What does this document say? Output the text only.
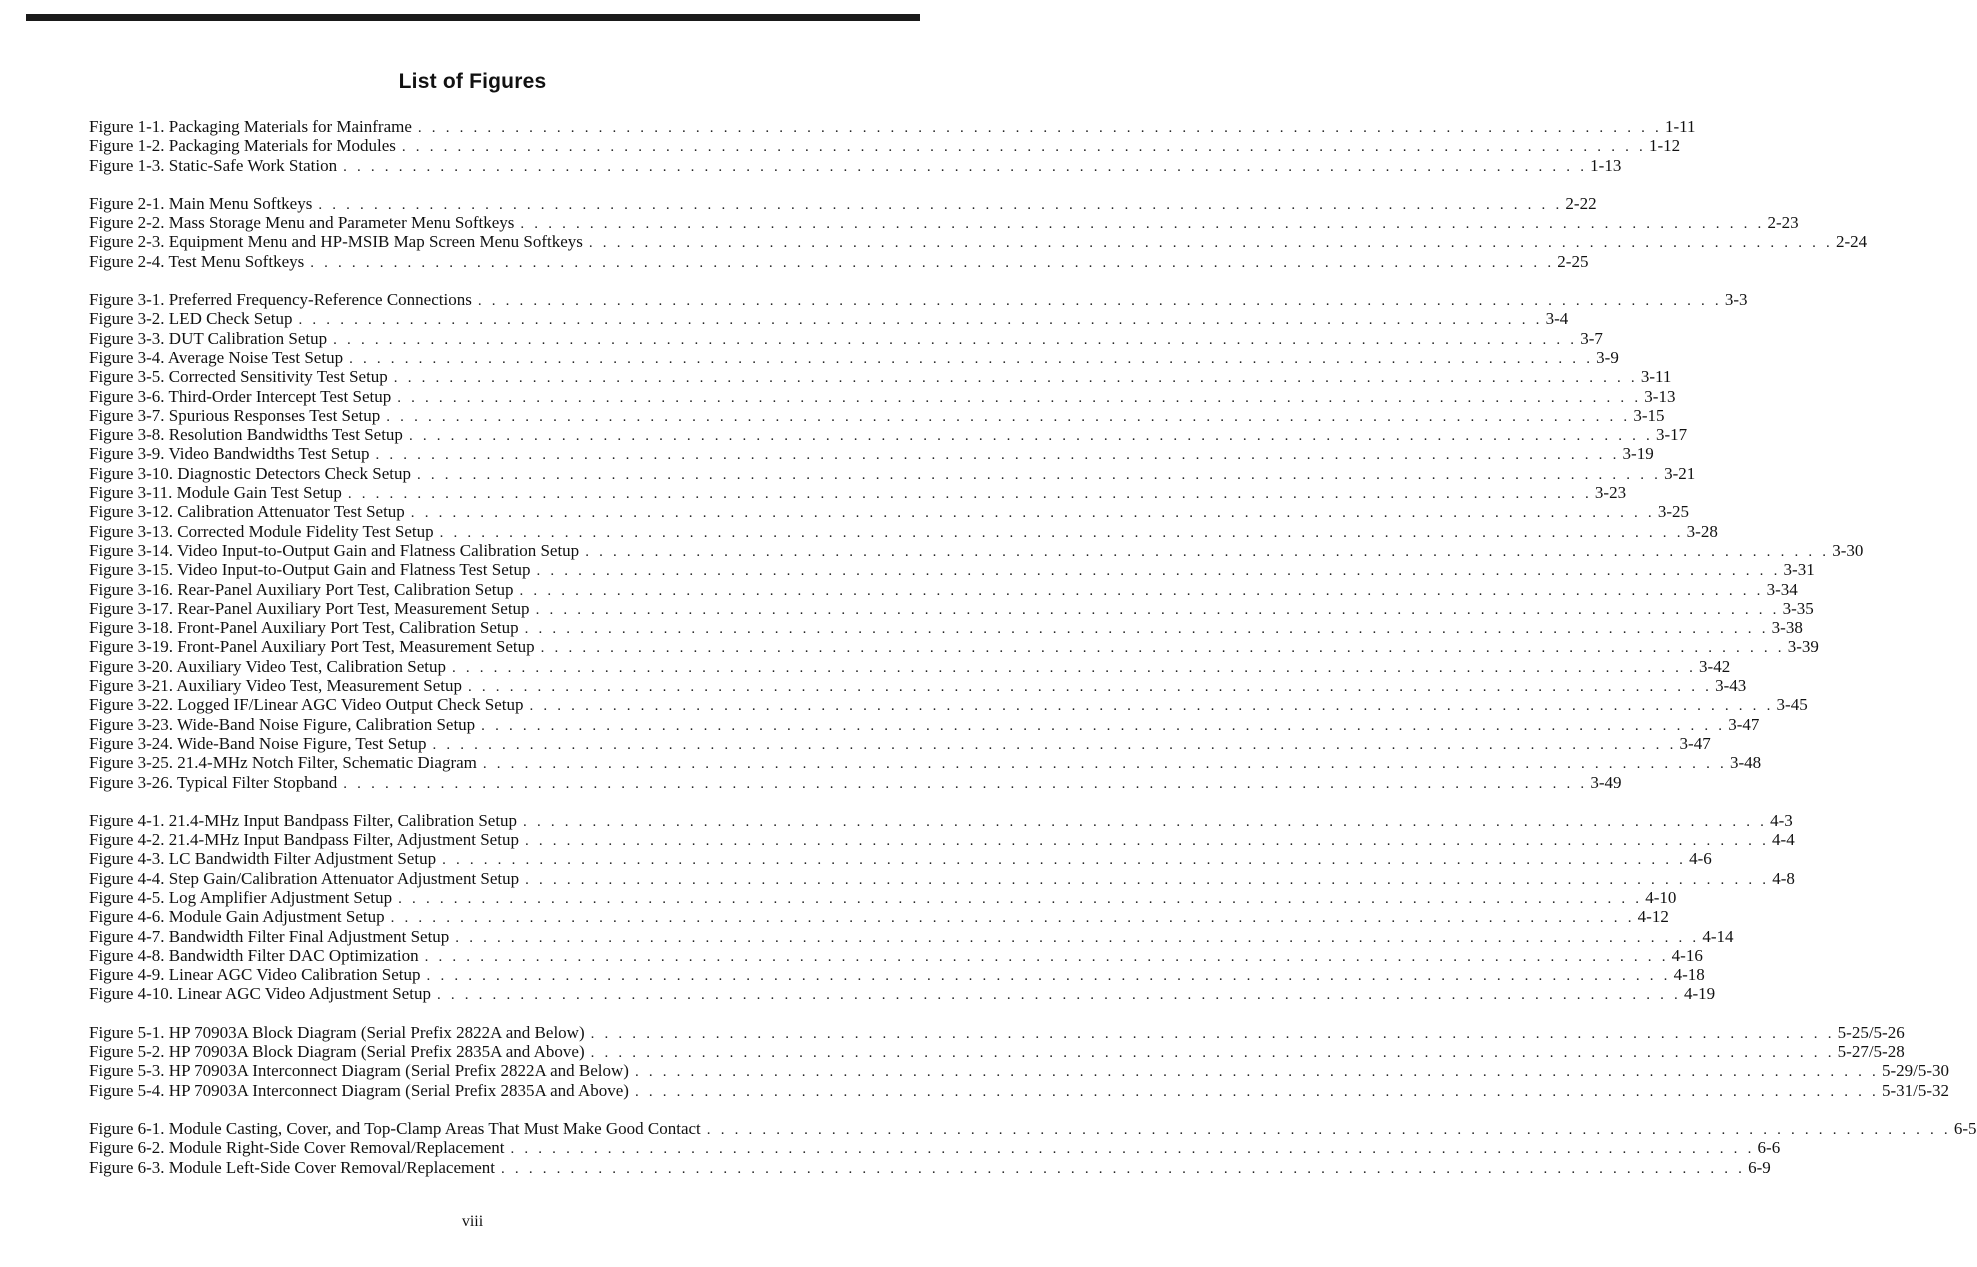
List of Figures
Figure 1-1. Packaging Materials for Mainframe . . . . . . . . . . . . . . . . . . . . . . . . . . . . . . . . . . . . . . . . . . . . . . . . . . . . . . . . . . . . . . . . . . . . . . . . . . . . . . . . . . . . . . . . . . 1-11
Figure 1-2. Packaging Materials for Modules . . . . . . . . . . . . . . . . . . . . . . . . . . . . . . . . . . . . . . . . . . . . . . . . . . . . . . . . . . . . . . . . . . . . . . . . . . . . . . . . . . . . . . . . . . 1-12
Figure 1-3. Static-Safe Work Station . . . . . . . . . . . . . . . . . . . . . . . . . . . . . . . . . . . . . . . . . . . . . . . . . . . . . . . . . . . . . . . . . . . . . . . . . . . . . . . . . . . . . . . . . . 1-13
Figure 2-1. Main Menu Softkeys . . . . . . . . . . . . . . . . . . . . . . . . . . . . . . . . . . . . . . . . . . . . . . . . . . . . . . . . . . . . . . . . . . . . . . . . . . . . . . . . . . . . . . . . . . 2-22
Figure 2-2. Mass Storage Menu and Parameter Menu Softkeys . . . . . . . . . . . . . . . . . . . . . . . . . . . . . . . . . . . . . . . . . . . . . . . . . . . . . . . . . . . . . . . . . . . . . . . . . . . . . . . . . . . . . . . . . . 2-23
Figure 2-3. Equipment Menu and HP-MSIB Map Screen Menu Softkeys . . . . . . . . . . . . . . . . . . . . . . . . . . . . . . . . . . . . . . . . . . . . . . . . . . . . . . . . . . . . . . . . . . . . . . . . . . . . . . . . . . . . . . . . . . 2-24
Figure 2-4. Test Menu Softkeys . . . . . . . . . . . . . . . . . . . . . . . . . . . . . . . . . . . . . . . . . . . . . . . . . . . . . . . . . . . . . . . . . . . . . . . . . . . . . . . . . . . . . . . . . . 2-25
Figure 3-1. Preferred Frequency-Reference Connections . . . . . . . . . . . . . . . . . . . . . . . . . . . . . . . . . . . . . . . . . . . . . . . . . . . . . . . . . . . . . . . . . . . . . . . . . . . . . . . . . . . . . . . . . . 3-3
Figure 3-2. LED Check Setup . . . . . . . . . . . . . . . . . . . . . . . . . . . . . . . . . . . . . . . . . . . . . . . . . . . . . . . . . . . . . . . . . . . . . . . . . . . . . . . . . . . . . . . . . . 3-4
Figure 3-3. DUT Calibration Setup . . . . . . . . . . . . . . . . . . . . . . . . . . . . . . . . . . . . . . . . . . . . . . . . . . . . . . . . . . . . . . . . . . . . . . . . . . . . . . . . . . . . . . . . . . 3-7
Figure 3-4. Average Noise Test Setup . . . . . . . . . . . . . . . . . . . . . . . . . . . . . . . . . . . . . . . . . . . . . . . . . . . . . . . . . . . . . . . . . . . . . . . . . . . . . . . . . . . . . . . . . . 3-9
Figure 3-5. Corrected Sensitivity Test Setup . . . . . . . . . . . . . . . . . . . . . . . . . . . . . . . . . . . . . . . . . . . . . . . . . . . . . . . . . . . . . . . . . . . . . . . . . . . . . . . . . . . . . . . . . . 3-11
Figure 3-6. Third-Order Intercept Test Setup . . . . . . . . . . . . . . . . . . . . . . . . . . . . . . . . . . . . . . . . . . . . . . . . . . . . . . . . . . . . . . . . . . . . . . . . . . . . . . . . . . . . . . . . . . 3-13
Figure 3-7. Spurious Responses Test Setup . . . . . . . . . . . . . . . . . . . . . . . . . . . . . . . . . . . . . . . . . . . . . . . . . . . . . . . . . . . . . . . . . . . . . . . . . . . . . . . . . . . . . . . . . . 3-15
Figure 3-8. Resolution Bandwidths Test Setup . . . . . . . . . . . . . . . . . . . . . . . . . . . . . . . . . . . . . . . . . . . . . . . . . . . . . . . . . . . . . . . . . . . . . . . . . . . . . . . . . . . . . . . . . . 3-17
Figure 3-9. Video Bandwidths Test Setup . . . . . . . . . . . . . . . . . . . . . . . . . . . . . . . . . . . . . . . . . . . . . . . . . . . . . . . . . . . . . . . . . . . . . . . . . . . . . . . . . . . . . . . . . . 3-19
Figure 3-10. Diagnostic Detectors Check Setup . . . . . . . . . . . . . . . . . . . . . . . . . . . . . . . . . . . . . . . . . . . . . . . . . . . . . . . . . . . . . . . . . . . . . . . . . . . . . . . . . . . . . . . . . . 3-21
Figure 3-11. Module Gain Test Setup . . . . . . . . . . . . . . . . . . . . . . . . . . . . . . . . . . . . . . . . . . . . . . . . . . . . . . . . . . . . . . . . . . . . . . . . . . . . . . . . . . . . . . . . . . 3-23
Figure 3-12. Calibration Attenuator Test Setup . . . . . . . . . . . . . . . . . . . . . . . . . . . . . . . . . . . . . . . . . . . . . . . . . . . . . . . . . . . . . . . . . . . . . . . . . . . . . . . . . . . . . . . . . . 3-25
Figure 3-13. Corrected Module Fidelity Test Setup . . . . . . . . . . . . . . . . . . . . . . . . . . . . . . . . . . . . . . . . . . . . . . . . . . . . . . . . . . . . . . . . . . . . . . . . . . . . . . . . . . . . . . . . . . 3-28
Figure 3-14. Video Input-to-Output Gain and Flatness Calibration Setup . . . . . . . . . . . . . . . . . . . . . . . . . . . . . . . . . . . . . . . . . . . . . . . . . . . . . . . . . . . . . . . . . . . . . . . . . . . . . . . . . . . . . . . . . . 3-30
Figure 3-15. Video Input-to-Output Gain and Flatness Test Setup . . . . . . . . . . . . . . . . . . . . . . . . . . . . . . . . . . . . . . . . . . . . . . . . . . . . . . . . . . . . . . . . . . . . . . . . . . . . . . . . . . . . . . . . . . 3-31
Figure 3-16. Rear-Panel Auxiliary Port Test, Calibration Setup . . . . . . . . . . . . . . . . . . . . . . . . . . . . . . . . . . . . . . . . . . . . . . . . . . . . . . . . . . . . . . . . . . . . . . . . . . . . . . . . . . . . . . . . . . 3-34
Figure 3-17. Rear-Panel Auxiliary Port Test, Measurement Setup . . . . . . . . . . . . . . . . . . . . . . . . . . . . . . . . . . . . . . . . . . . . . . . . . . . . . . . . . . . . . . . . . . . . . . . . . . . . . . . . . . . . . . . . . . 3-35
Figure 3-18. Front-Panel Auxiliary Port Test, Calibration Setup . . . . . . . . . . . . . . . . . . . . . . . . . . . . . . . . . . . . . . . . . . . . . . . . . . . . . . . . . . . . . . . . . . . . . . . . . . . . . . . . . . . . . . . . . . 3-38
Figure 3-19. Front-Panel Auxiliary Port Test, Measurement Setup . . . . . . . . . . . . . . . . . . . . . . . . . . . . . . . . . . . . . . . . . . . . . . . . . . . . . . . . . . . . . . . . . . . . . . . . . . . . . . . . . . . . . . . . . . 3-39
Figure 3-20. Auxiliary Video Test, Calibration Setup . . . . . . . . . . . . . . . . . . . . . . . . . . . . . . . . . . . . . . . . . . . . . . . . . . . . . . . . . . . . . . . . . . . . . . . . . . . . . . . . . . . . . . . . . . 3-42
Figure 3-21. Auxiliary Video Test, Measurement Setup . . . . . . . . . . . . . . . . . . . . . . . . . . . . . . . . . . . . . . . . . . . . . . . . . . . . . . . . . . . . . . . . . . . . . . . . . . . . . . . . . . . . . . . . . . 3-43
Figure 3-22. Logged IF/Linear AGC Video Output Check Setup . . . . . . . . . . . . . . . . . . . . . . . . . . . . . . . . . . . . . . . . . . . . . . . . . . . . . . . . . . . . . . . . . . . . . . . . . . . . . . . . . . . . . . . . . . 3-45
Figure 3-23. Wide-Band Noise Figure, Calibration Setup . . . . . . . . . . . . . . . . . . . . . . . . . . . . . . . . . . . . . . . . . . . . . . . . . . . . . . . . . . . . . . . . . . . . . . . . . . . . . . . . . . . . . . . . . . 3-47
Figure 3-24. Wide-Band Noise Figure, Test Setup . . . . . . . . . . . . . . . . . . . . . . . . . . . . . . . . . . . . . . . . . . . . . . . . . . . . . . . . . . . . . . . . . . . . . . . . . . . . . . . . . . . . . . . . . . 3-47
Figure 3-25. 21.4-MHz Notch Filter, Schematic Diagram . . . . . . . . . . . . . . . . . . . . . . . . . . . . . . . . . . . . . . . . . . . . . . . . . . . . . . . . . . . . . . . . . . . . . . . . . . . . . . . . . . . . . . . . . . 3-48
Figure 3-26. Typical Filter Stopband . . . . . . . . . . . . . . . . . . . . . . . . . . . . . . . . . . . . . . . . . . . . . . . . . . . . . . . . . . . . . . . . . . . . . . . . . . . . . . . . . . . . . . . . . . 3-49
Figure 4-1. 21.4-MHz Input Bandpass Filter, Calibration Setup . . . . . . . . . . . . . . . . . . . . . . . . . . . . . . . . . . . . . . . . . . . . . . . . . . . . . . . . . . . . . . . . . . . . . . . . . . . . . . . . . . . . . . . . . . 4-3
Figure 4-2. 21.4-MHz Input Bandpass Filter, Adjustment Setup . . . . . . . . . . . . . . . . . . . . . . . . . . . . . . . . . . . . . . . . . . . . . . . . . . . . . . . . . . . . . . . . . . . . . . . . . . . . . . . . . . . . . . . . . . 4-4
Figure 4-3. LC Bandwidth Filter Adjustment Setup . . . . . . . . . . . . . . . . . . . . . . . . . . . . . . . . . . . . . . . . . . . . . . . . . . . . . . . . . . . . . . . . . . . . . . . . . . . . . . . . . . . . . . . . . . 4-6
Figure 4-4. Step Gain/Calibration Attenuator Adjustment Setup . . . . . . . . . . . . . . . . . . . . . . . . . . . . . . . . . . . . . . . . . . . . . . . . . . . . . . . . . . . . . . . . . . . . . . . . . . . . . . . . . . . . . . . . . . 4-8
Figure 4-5. Log Amplifier Adjustment Setup . . . . . . . . . . . . . . . . . . . . . . . . . . . . . . . . . . . . . . . . . . . . . . . . . . . . . . . . . . . . . . . . . . . . . . . . . . . . . . . . . . . . . . . . . . 4-10
Figure 4-6. Module Gain Adjustment Setup . . . . . . . . . . . . . . . . . . . . . . . . . . . . . . . . . . . . . . . . . . . . . . . . . . . . . . . . . . . . . . . . . . . . . . . . . . . . . . . . . . . . . . . . . . 4-12
Figure 4-7. Bandwidth Filter Final Adjustment Setup . . . . . . . . . . . . . . . . . . . . . . . . . . . . . . . . . . . . . . . . . . . . . . . . . . . . . . . . . . . . . . . . . . . . . . . . . . . . . . . . . . . . . . . . . . 4-14
Figure 4-8. Bandwidth Filter DAC Optimization . . . . . . . . . . . . . . . . . . . . . . . . . . . . . . . . . . . . . . . . . . . . . . . . . . . . . . . . . . . . . . . . . . . . . . . . . . . . . . . . . . . . . . . . . . 4-16
Figure 4-9. Linear AGC Video Calibration Setup . . . . . . . . . . . . . . . . . . . . . . . . . . . . . . . . . . . . . . . . . . . . . . . . . . . . . . . . . . . . . . . . . . . . . . . . . . . . . . . . . . . . . . . . . . 4-18
Figure 4-10. Linear AGC Video Adjustment Setup . . . . . . . . . . . . . . . . . . . . . . . . . . . . . . . . . . . . . . . . . . . . . . . . . . . . . . . . . . . . . . . . . . . . . . . . . . . . . . . . . . . . . . . . . . 4-19
Figure 5-1. HP 70903A Block Diagram (Serial Prefix 2822A and Below) . . . . . . . . . . . . . . . . . . . . . . . . . . . . . . . . . . . . . . . . . . . . . . . . . . . . . . . . . . . . . . . . . . . . . . . . . . . . . . . . . . . . . . . . . . 5-25/5-26
Figure 5-2. HP 70903A Block Diagram (Serial Prefix 2835A and Above) . . . . . . . . . . . . . . . . . . . . . . . . . . . . . . . . . . . . . . . . . . . . . . . . . . . . . . . . . . . . . . . . . . . . . . . . . . . . . . . . . . . . . . . . . . 5-27/5-28
Figure 5-3. HP 70903A Interconnect Diagram (Serial Prefix 2822A and Below) . . . . . . . . . . . . . . . . . . . . . . . . . . . . . . . . . . . . . . . . . . . . . . . . . . . . . . . . . . . . . . . . . . . . . . . . . . . . . . . . . . . . . . . . . . 5-29/5-30
Figure 5-4. HP 70903A Interconnect Diagram (Serial Prefix 2835A and Above) . . . . . . . . . . . . . . . . . . . . . . . . . . . . . . . . . . . . . . . . . . . . . . . . . . . . . . . . . . . . . . . . . . . . . . . . . . . . . . . . . . . . . . . . . . 5-31/5-32
Figure 6-1. Module Casting, Cover, and Top-Clamp Areas That Must Make Good Contact . . . . . . . . . . . . . . . . . . . . . . . . . . . . . . . . . . . . . . . . . . . . . . . . . . . . . . . . . . . . . . . . . . . . . . . . . . . . . . . . . . . . . . . . . . 6-5
Figure 6-2. Module Right-Side Cover Removal/Replacement . . . . . . . . . . . . . . . . . . . . . . . . . . . . . . . . . . . . . . . . . . . . . . . . . . . . . . . . . . . . . . . . . . . . . . . . . . . . . . . . . . . . . . . . . . 6-6
Figure 6-3. Module Left-Side Cover Removal/Replacement . . . . . . . . . . . . . . . . . . . . . . . . . . . . . . . . . . . . . . . . . . . . . . . . . . . . . . . . . . . . . . . . . . . . . . . . . . . . . . . . . . . . . . . . . . 6-9
viii
